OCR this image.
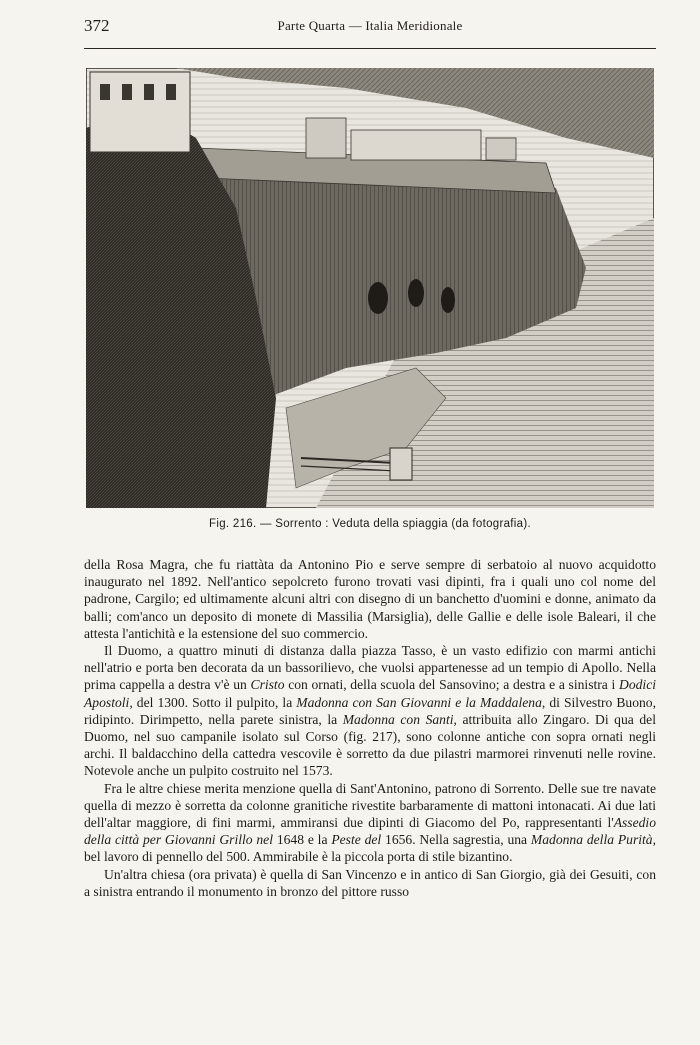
372	Parte Quarta — Italia Meridionale
Fig. 216. — Sorrento : Veduta della spiaggia (da fotografia).

della Rosa Magra, che fu riattàta da Antonino Pio e serve sempre di serbatoio al nuovo acquidotto inaugurato nel 1892. Nell'antico sepolcreto furono trovati vasi dipinti, fra i quali uno col nome del padrone, Cargilo; ed ultimamente alcuni altri con disegno di un banchetto d'uomini e donne, animato da balli; com'anco un deposito di monete di Massilia (Marsiglia), delle Gallie e delle isole Baleari, il che attesta l'antichità e la estensione del suo commercio.

Il Duomo, a quattro minuti di distanza dalla piazza Tasso, è un vasto edifizio con marmi antichi nell'atrio e porta ben decorata da un bassorilievo, che vuolsi appartenesse ad un tempio di Apollo. Nella prima cappella a destra v'è un Cristo con ornati, della scuola del Sansovino; a destra e a sinistra i Dodici Apostoli, del 1300. Sotto il pulpito, la Madonna con San Giovanni e la Maddalena, di Silvestro Buono, ridipinto. Dirimpetto, nella parete sinistra, la Madonna con Santi, attribuita allo Zingaro. Di qua del Duomo, nel suo campanile isolato sul Corso (fig. 217), sono colonne antiche con sopra ornati negli archi. Il baldacchino della cattedra vescovile è sorretto da due pilastri marmorei rinvenuti nelle rovine. Notevole anche un pulpito costruito nel 1573.

Fra le altre chiese merita menzione quella di Sant'Antonino, patrono di Sorrento. Delle sue tre navate quella di mezzo è sorretta da colonne granitiche rivestite barbaramente di mattoni intonacati. Ai due lati dell'altar maggiore, di fini marmi, ammiransi due dipinti di Giacomo del Po, rappresentanti l'Assedio della città per Giovanni Grillo nel 1648 e la Peste del 1656. Nella sagrestia, una Madonna della Purità, bel lavoro di pennello del 500. Ammirabile è la piccola porta di stile bizantino.

Un'altra chiesa (ora privata) è quella di San Vincenzo e in antico di San Giorgio, già dei Gesuiti, con a sinistra entrando il monumento in bronzo del pittore russo
